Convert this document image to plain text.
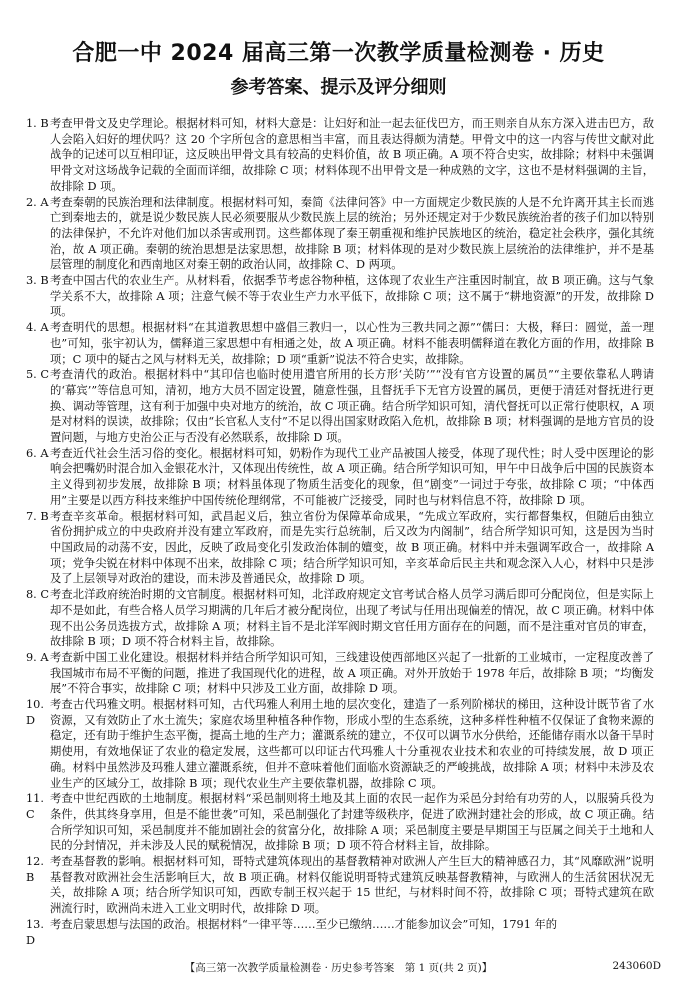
合肥一中 2024 届高三第一次教学质量检测卷 · 历史
参考答案、提示及评分细则
1. B 考查甲骨文及史学理论。根据材料可知，材料大意是：让妇好和沚一起去征伐巴方，而王则亲自从东方深入进击巴方，敌人会陷入妇好的埋伏吗？这 20 个字所包含的意思相当丰富，而且表达得颇为清楚。甲骨文中的这一内容与传世文献对此战争的记述可以互相印证，这反映出甲骨文具有较高的史料价值，故 B 项正确。A 项不符合史实，故排除；材料中未强调甲骨文对这场战争记载的全面而详细，故排除 C 项；材料体现不出甲骨文是一种成熟的文字，这也不是材料强调的主旨，故排除 D 项。
2. A 考查秦朝的民族治理和法律制度。根据材料可知，秦简《法律问答》中一方面规定少数民族的人是不允许离开其主长而逃亡到秦地去的，就是说少数民族人民必须要服从少数民族上层的统治；另外还规定对于少数民族统治者的孩子们加以特别的法律保护，不允许对他们加以杀害或刑罚。这些都体现了秦王朝重视和维护民族地区的统治，稳定社会秩序，强化其统治，故 A 项正确。秦朝的统治思想是法家思想，故排除 B 项；材料体现的是对少数民族上层统治的法律维护，并不是基层管理的制度化和西南地区对秦王朝的政治认同，故排除 C、D 两项。
3. B 考查中国古代的农业生产。从材料看，依据季节考虑谷物种植，这体现了农业生产注重因时制宜，故 B 项正确。这与气象学关系不大，故排除 A 项；注意气候不等于农业生产力水平低下，故排除 C 项；这不属于“耕地资源”的开发，故排除 D 项。
4. A 考查明代的思想。根据材料“在其道教思想中盛倡三教归一，以心性为三教共同之源”“儒曰：大极，释曰：圆觉，盖一理也”可知，张宇初认为，儒释道三家思想中有相通之处，故 A 项正确。材料不能表明儒释道在教化方面的作用，故排除 B 项；C 项中的疑古之风与材料无关，故排除；D 项“重新”说法不符合史实，故排除。
5. C 考查清代的政治。根据材料中“其印信也临时使用遣官所用的长方形‘关防’”“没有官方设置的属员”“主要依靠私人聘请的‘幕宾’”等信息可知，清初，地方大员不固定设置，随意性强，且督抚手下无官方设置的属员，更便于清廷对督抚进行更换、调动等管理，这有利于加强中央对地方的统治，故 C 项正确。结合所学知识可知，清代督抚可以正常行使职权，A 项是对材料的误读，故排除；仅由“长官私人支付”不足以得出国家财政陷入危机，故排除 B 项；材料强调的是地方官员的设置问题，与地方史治公正与否没有必然联系，故排除 D 项。
6. A 考查近代社会生活习俗的变化。根据材料可知，奶粉作为现代工业产品被国人接受，体现了现代性；时人受中医理论的影响会把嘴奶时混合加入金银花水汁，又体现出传统性，故 A 项正确。结合所学知识可知，甲午中日战争后中国的民族资本主义得到初步发展，故排除 B 项；材料虽体现了物质生活变化的现象，但“剧变”一词过于夸张，故排除 C 项；“中体西用”主要是以西方科技来维护中国传统伦理纲常，不可能被广泛接受，同时也与材料信息不符，故排除 D 项。
7. B 考查辛亥革命。根据材料可知，武昌起义后，独立省份为保障革命成果，“先成立军政府，实行都督集权，但随后由独立省份拥护成立的中央政府并没有建立军政府，而是先实行总统制，后又改为内阁制”，结合所学知识可知，这是因为当时中国政局的动荡不安，因此，反映了政局变化引发政治体制的嬗变，故 B 项正确。材料中并未强调军政合一，故排除 A 项；党争尖锐在材料中体现不出来，故排除 C 项；结合所学知识可知，辛亥革命后民主共和观念深入人心，材料中只是涉及了上层领导对政治的建设，而未涉及普通民众，故排除 D 项。
8. C 考查北洋政府统治时期的文官制度。根据材料可知，北洋政府规定文官考试合格人员学习满后即可分配岗位，但是实际上却不是如此，有些合格人员学习期满的几年后才被分配岗位，出现了考试与任用出现偏差的情况，故 C 项正确。材料中体现不出公务员选拔方式，故排除 A 项；材料主旨不是北洋军阀时期文官任用方面存在的问题，而不是注重对官员的审查，故排除 B 项；D 项不符合材料主旨，故排除。
9. A 考查新中国工业化建设。根据材料并结合所学知识可知，三线建设使西部地区兴起了一批新的工业城市，一定程度改善了我国城市布局不平衡的问题，推进了我国现代化的进程，故 A 项正确。对外开放始于 1978 年后，故排除 B 项；“均衡发展”不符合事实，故排除 C 项；材料中只涉及工业方面，故排除 D 项。
10. D
考查古代玛雅文明。根据材料可知，古代玛雅人利用土地的层次变化，建造了一系列阶梯状的梯田，这种设计既节省了水资源，又有效防止了水土流失；家庭农场里种植各种作物，形成小型的生态系统，这种多样性种植不仅保证了食物来源的稳定，还有助于维护生态平衡，提高土地的生产力；灌溉系统的建立，不仅可以调节水分供给，还能储存雨水以备干旱时期使用，有效地保证了农业的稳定发展，这些都可以印证古代玛雅人十分重视农业技术和农业的可持续发展，故 D 项正确。材料中虽然涉及玛雅人建立灌溉系统，但并不意味着他们面临水资源缺乏的严峻挑战，故排除 A 项；材料中未涉及农业生产的区域分工，故排除 B 项；现代农业生产主要依靠机器，故排除 C 项。
11. C
考查中世纪西欧的土地制度。根据材料“采邑制则将土地及其上面的农民一起作为采邑分封给有功劳的人，以服骑兵役为条件，供其终身享用，但是不能世袭”可知，采邑制强化了封建等级秩序，促进了欧洲封建社会的形成，故 C 项正确。结合所学知识可知，采邑制度并不能加剧社会的贫富分化，故排除 A 项；采邑制度主要是早期国王与臣属之间关于土地和人民的分封情况，并未涉及人民的赋税情况，故排除 B 项；D 项不符合材料主旨，故排除。
12. B
考查基督教的影响。根据材料可知，哥特式建筑体现出的基督教精神对欧洲人产生巨大的精神感召力，其“风靡欧洲”说明基督教对欧洲社会生活影响巨大，故 B 项正确。材料仅能说明哥特式建筑反映基督教精神，与欧洲人的生活贫困状况无关，故排除 A 项；结合所学知识可知，西欧专制王权兴起于 15 世纪，与材料时间不符，故排除 C 项；哥特式建筑在欧洲流行时，欧洲尚未进入工业文明时代，故排除 D 项。
13. D
考查启蒙思想与法国的政治。根据材料“一律平等……至少已缴纳……才能参加议会”可知，1791 年的
【高三第一次教学质量检测卷 · 历史参考答案　第 1 页(共 2 页)】	243060D
